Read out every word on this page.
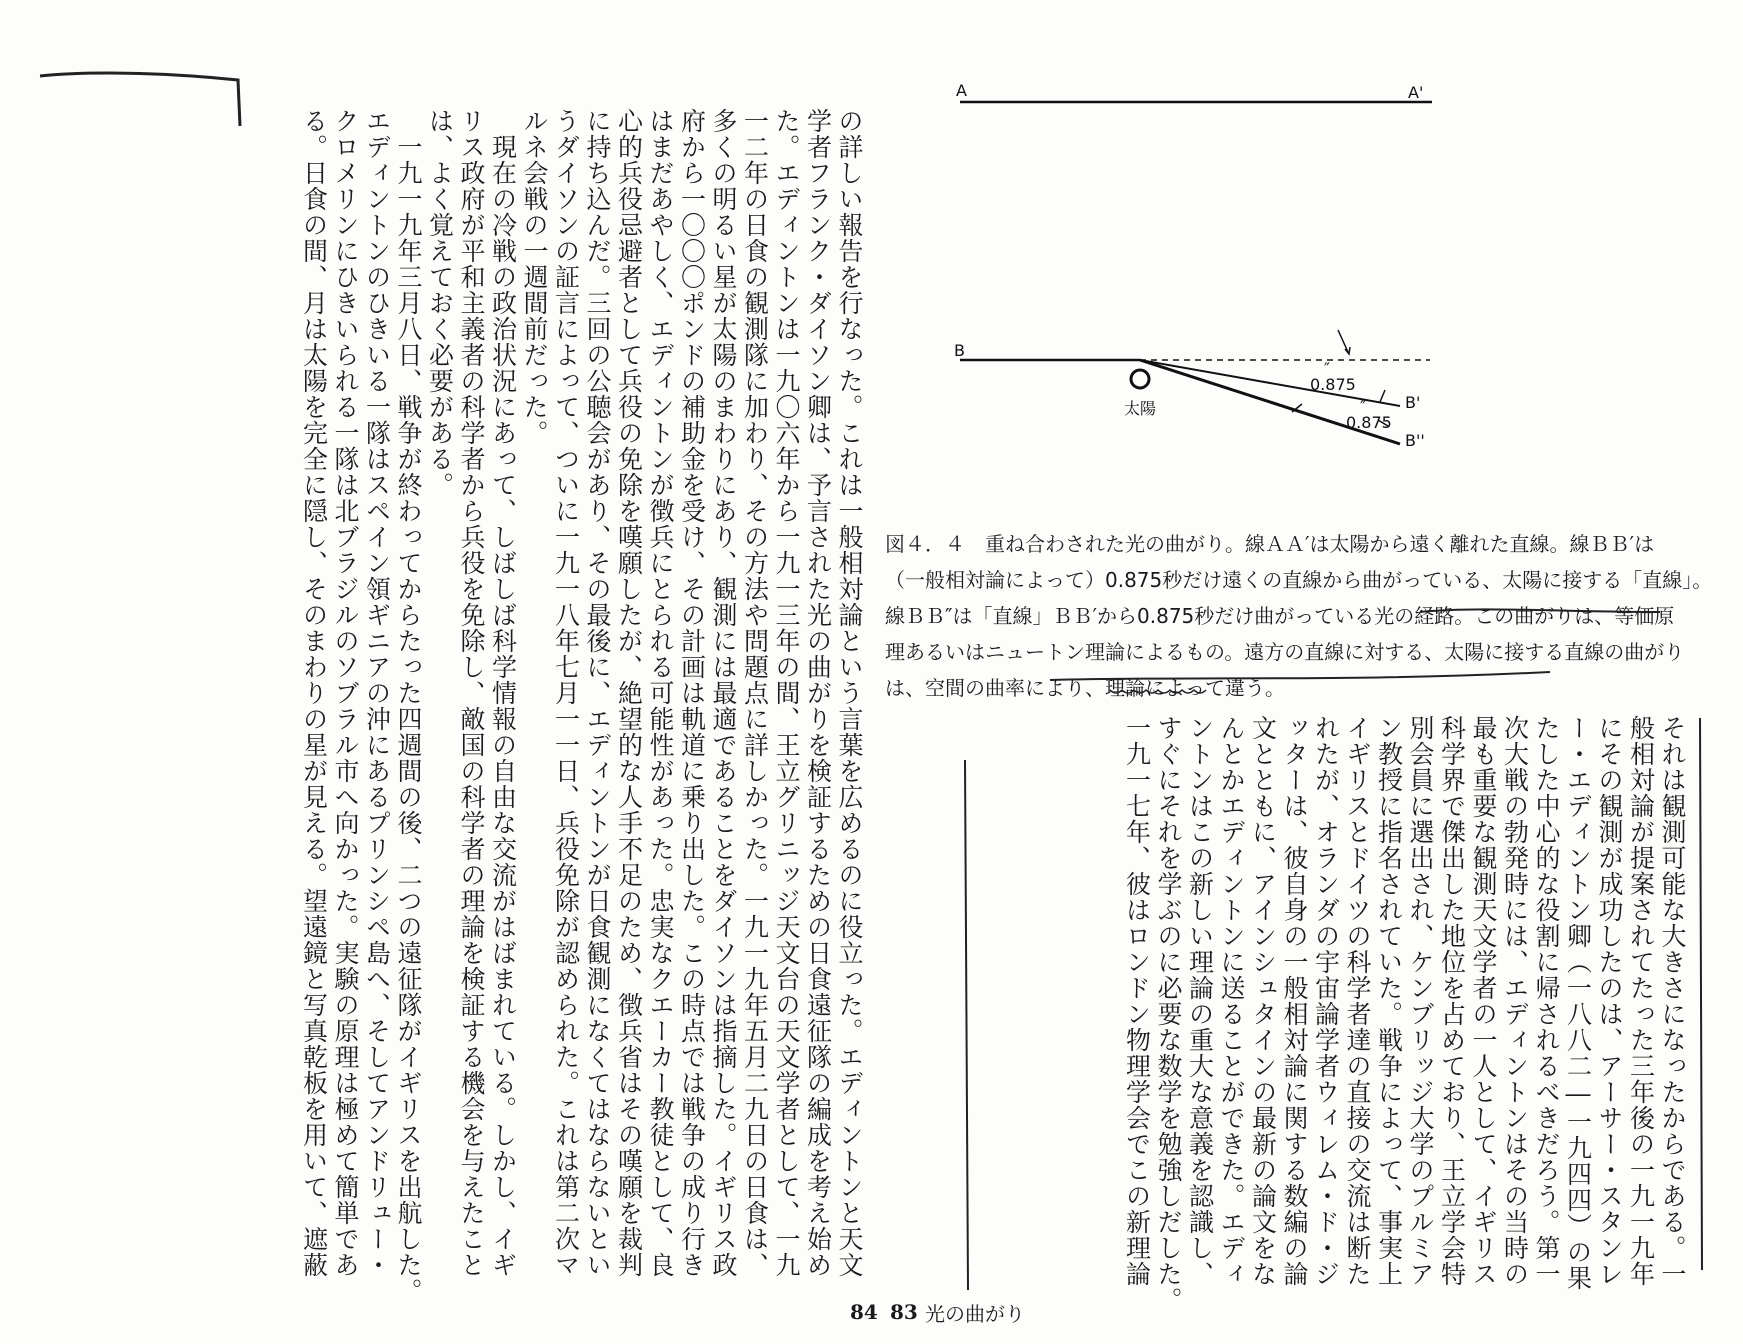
の詳しい報告を行なった。これは一般相対論という言葉を広めるのに役立った。エディントンと天文
学者フランク・ダイソン卿は、予言された光の曲がりを検証するための日食遠征隊の編成を考え始め
た。エディントンは一九〇六年から一九一三年の間、王立グリニッジ天文台の天文学者として、一九
一二年の日食の観測隊に加わり、その方法や問題点に詳しかった。一九一九年五月二九日の日食は、
多くの明るい星が太陽のまわりにあり、観測には最適であることをダイソンは指摘した。イギリス政
府から一〇〇〇ポンドの補助金を受け、その計画は軌道に乗り出した。この時点では戦争の成り行き
はまだあやしく、エディントンが徴兵にとられる可能性があった。忠実なクエーカー教徒として、良
心的兵役忌避者として兵役の免除を嘆願したが、絶望的な人手不足のため、徴兵省はその嘆願を裁判
に持ち込んだ。三回の公聴会があり、その最後に、エディントンが日食観測になくてはならないとい
うダイソンの証言によって、ついに一九一八年七月一一日、兵役免除が認められた。これは第二次マ
ルネ会戦の一週間前だった。
　現在の冷戦の政治状況にあって、しばしば科学情報の自由な交流がはばまれている。しかし、イギ
リス政府が平和主義者の科学者から兵役を免除し、敵国の科学者の理論を検証する機会を与えたこと
は、よく覚えておく必要がある。
　一九一九年三月八日、戦争が終わってからたった四週間の後、二つの遠征隊がイギリスを出航した。
エディントンのひきいる一隊はスペイン領ギニアの沖にあるプリンシペ島へ、そしてアンドリュー・
クロメリンにひきいられる一隊は北ブラジルのソブラル市へ向かった。実験の原理は極めて簡単であ
る。日食の間、月は太陽を完全に隠し、そのまわりの星が見える。望遠鏡と写真乾板を用いて、遮蔽
A	A'
B
B'
B''
太陽
0.875
″
0.875
″
図４．４　重ね合わされた光の曲がり。線ＡＡ′は太陽から遠く離れた直線。線ＢＢ′は
（一般相対論によって）0.875秒だけ遠くの直線から曲がっている、太陽に接する「直線」。
線ＢＢ″は「直線」ＢＢ′から0.875秒だけ曲がっている光の経路。この曲がりは、等価原
理あるいはニュートン理論によるもの。遠方の直線に対する、太陽に接する直線の曲がり
は、空間の曲率により、理論によって違う。
それは観測可能な大きさになったからである。一
般相対論が提案されてたった三年後の一九一九年
にその観測が成功したのは、アーサー・スタンレ
ー・エディントン卿（一八八二―一九四四）の果
たした中心的な役割に帰されるべきだろう。第一
次大戦の勃発時には、エディントンはその当時の
最も重要な観測天文学者の一人として、イギリス
科学界で傑出した地位を占めており、王立学会特
別会員に選出され、ケンブリッジ大学のプルミア
ン教授に指名されていた。戦争によって、事実上
イギリスとドイツの科学者達の直接の交流は断た
れたが、オランダの宇宙論学者ウィレム・ド・ジ
ッターは、彼自身の一般相対論に関する数編の論
文とともに、アインシュタインの最新の論文をな
んとかエディントンに送ることができた。エディ
ントンはこの新しい理論の重大な意義を認識し、
すぐにそれを学ぶのに必要な数学を勉強しだした。
一九一七年、彼はロンドン物理学会でこの新理論
84 83 光の曲がり
